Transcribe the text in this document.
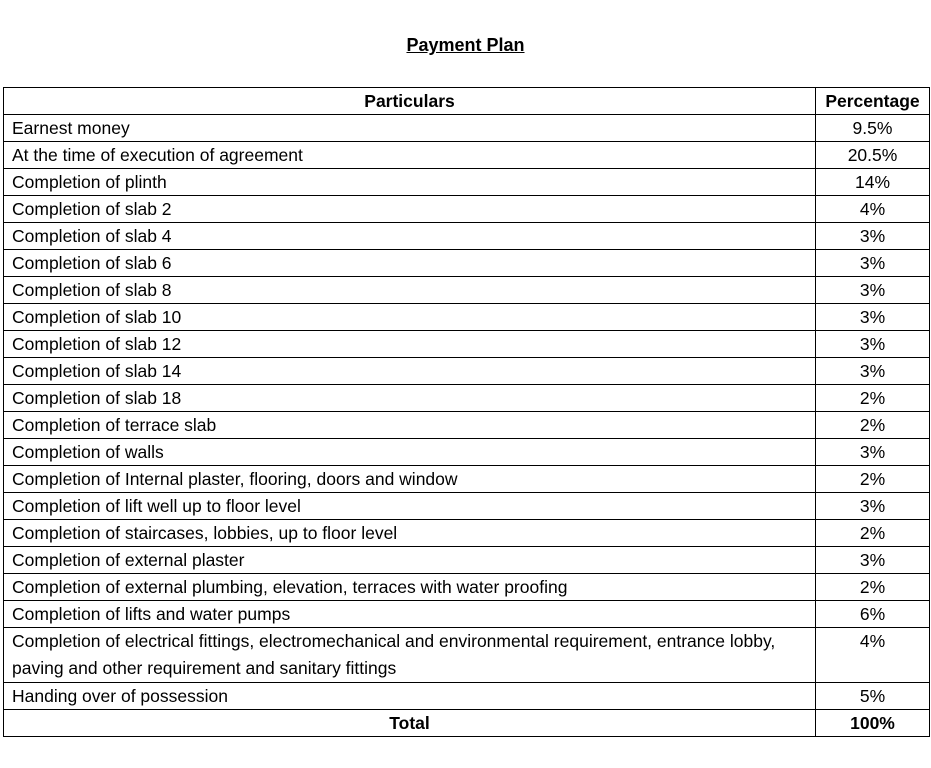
Payment Plan
Particulars	Percentage
Earnest money	9.5%
At the time of execution of agreement	20.5%
Completion of plinth	14%
Completion of slab 2	4%
Completion of slab 4	3%
Completion of slab 6	3%
Completion of slab 8	3%
Completion of slab 10	3%
Completion of slab 12	3%
Completion of slab 14	3%
Completion of slab 18	2%
Completion of terrace slab	2%
Completion of walls	3%
Completion of Internal plaster, flooring, doors and window	2%
Completion of lift well up to floor level	3%
Completion of staircases, lobbies, up to floor level	2%
Completion of external plaster	3%
Completion of external plumbing, elevation, terraces with water proofing	2%
Completion of lifts and water pumps	6%
Completion of electrical fittings, electromechanical and environmental requirement, entrance lobby, paving and other requirement and sanitary fittings	4%
Handing over of possession	5%
Total	100%
